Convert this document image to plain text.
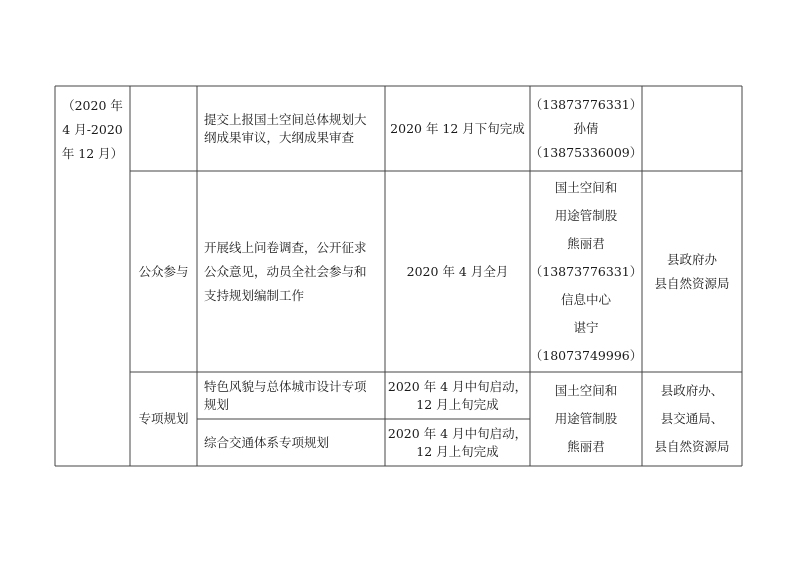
（2020 年
4 月-2020
年 12 月）
提交上报国土空间总体规划大
纲成果审议，大纲成果审查
2020 年 12 月下旬完成
（13873776331）
孙倩
（13875336009）
公众参与
开展线上问卷调查，公开征求
公众意见，动员全社会参与和
支持规划编制工作
2020 年 4 月全月
国土空间和
用途管制股
熊丽君
（13873776331）
信息中心
谌宁
（18073749996）
县政府办
县自然资源局
专项规划
特色风貌与总体城市设计专项
规划
2020 年 4 月中旬启动，
12 月上旬完成
综合交通体系专项规划
2020 年 4 月中旬启动，
12 月上旬完成
国土空间和
用途管制股
熊丽君
县政府办、
县交通局、
县自然资源局
